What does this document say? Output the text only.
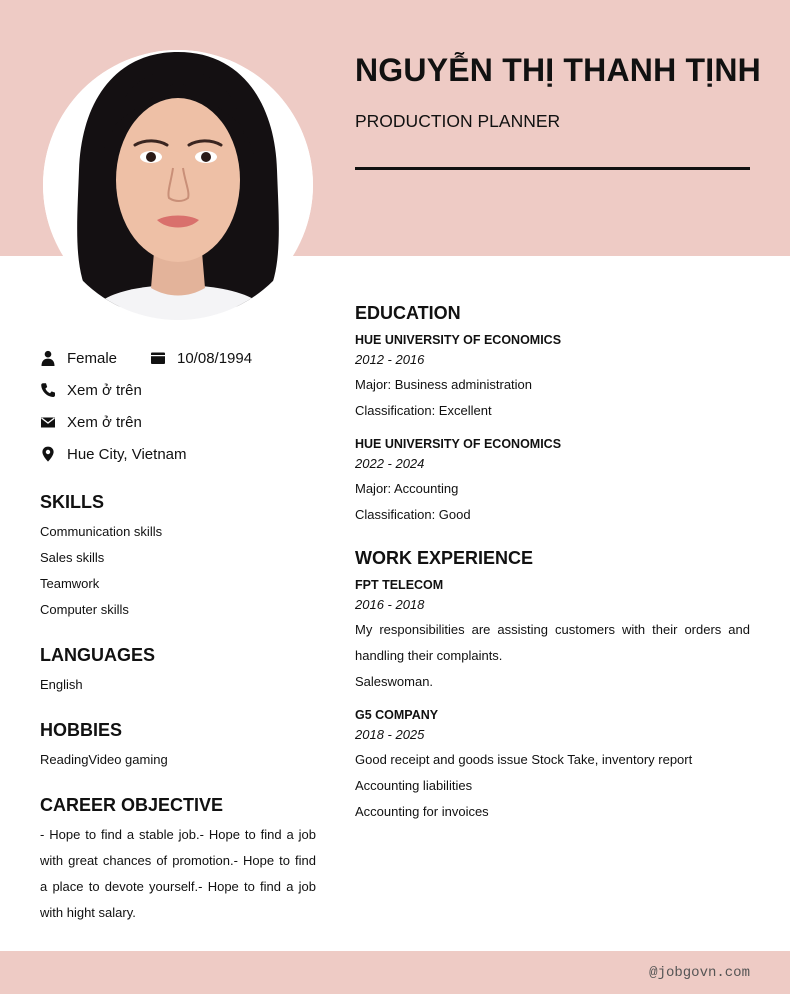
NGUYỄN THỊ THANH TỊNH
PRODUCTION PLANNER
Female	10/08/1994
Xem ở trên
Xem ở trên
Hue City, Vietnam
SKILLS
Communication skills
Sales skills
Teamwork
Computer skills
LANGUAGES
English
HOBBIES
ReadingVideo gaming
CAREER OBJECTIVE
- Hope to find a stable job.- Hope to find a job with great chances of promotion.- Hope to find a place to devote yourself.- Hope to find a job with hight salary.
EDUCATION
HUE UNIVERSITY OF ECONOMICS
2012 - 2016
Major: Business administration
Classification: Excellent
HUE UNIVERSITY OF ECONOMICS
2022 - 2024
Major: Accounting
Classification: Good
WORK EXPERIENCE
FPT TELECOM
2016 - 2018
My responsibilities are assisting customers with their orders and handling their complaints.
Saleswoman.
G5 COMPANY
2018 - 2025
Good receipt and goods issue Stock Take, inventory report
Accounting liabilities
Accounting for invoices
@jobgovn.com
